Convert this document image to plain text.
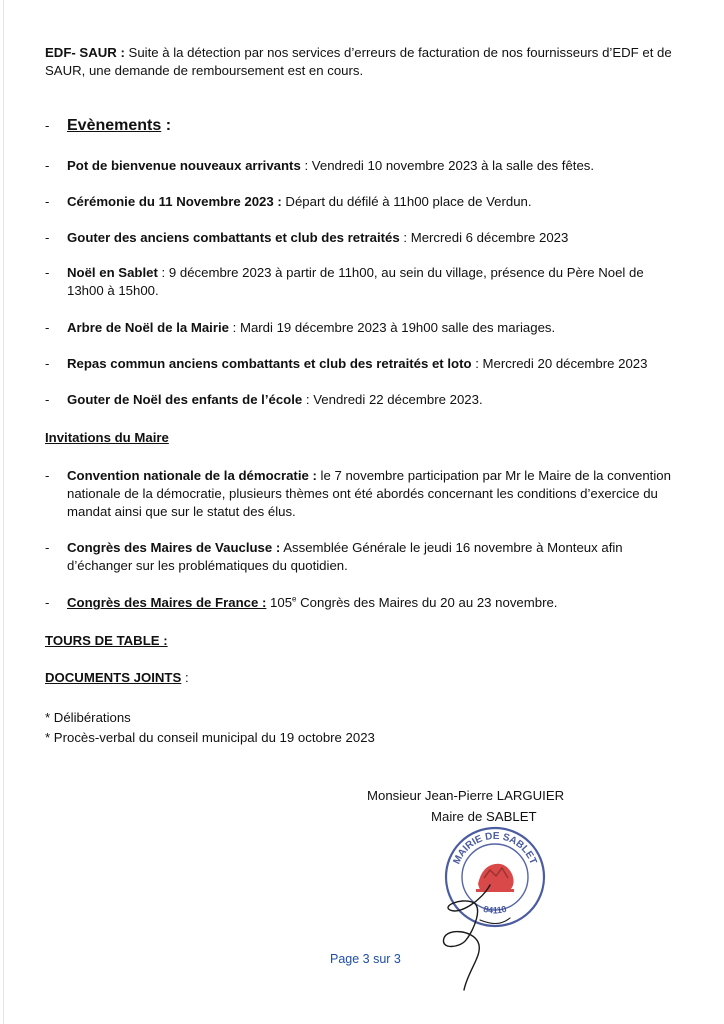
EDF- SAUR : Suite à la détection par nos services d’erreurs de facturation de nos fournisseurs d’EDF et de SAUR, une demande de remboursement est en cours.

- Evènements :
- Pot de bienvenue nouveaux arrivants : Vendredi 10 novembre 2023 à la salle des fêtes.
- Cérémonie du 11 Novembre 2023 : Départ du défilé à 11h00 place de Verdun.
- Gouter des anciens combattants et club des retraités : Mercredi 6 décembre 2023
- Noël en Sablet : 9 décembre 2023 à partir de 11h00, au sein du village, présence du Père Noel de 13h00 à 15h00.
- Arbre de Noël de la Mairie : Mardi 19 décembre 2023 à 19h00 salle des mariages.
- Repas commun anciens combattants et club des retraités et loto : Mercredi 20 décembre 2023
- Gouter de Noël des enfants de l’école : Vendredi 22 décembre 2023.
Invitations du Maire
- Convention nationale de la démocratie : le 7 novembre participation par Mr le Maire de la convention nationale de la démocratie, plusieurs thèmes ont été abordés concernant les conditions d’exercice du mandat ainsi que sur le statut des élus.
- Congrès des Maires de Vaucluse : Assemblée Générale le jeudi 16 novembre à Monteux afin d’échanger sur les problématiques du quotidien.
- Congrès des Maires de France : 105e Congrès des Maires du 20 au 23 novembre.
TOURS DE TABLE :
DOCUMENTS JOINTS :
* Délibérations
* Procès-verbal du conseil municipal du 19 octobre 2023
Monsieur Jean-Pierre LARGUIER
Maire de SABLET
MAIRIE DE SABLET
84110
Page 3 sur 3
